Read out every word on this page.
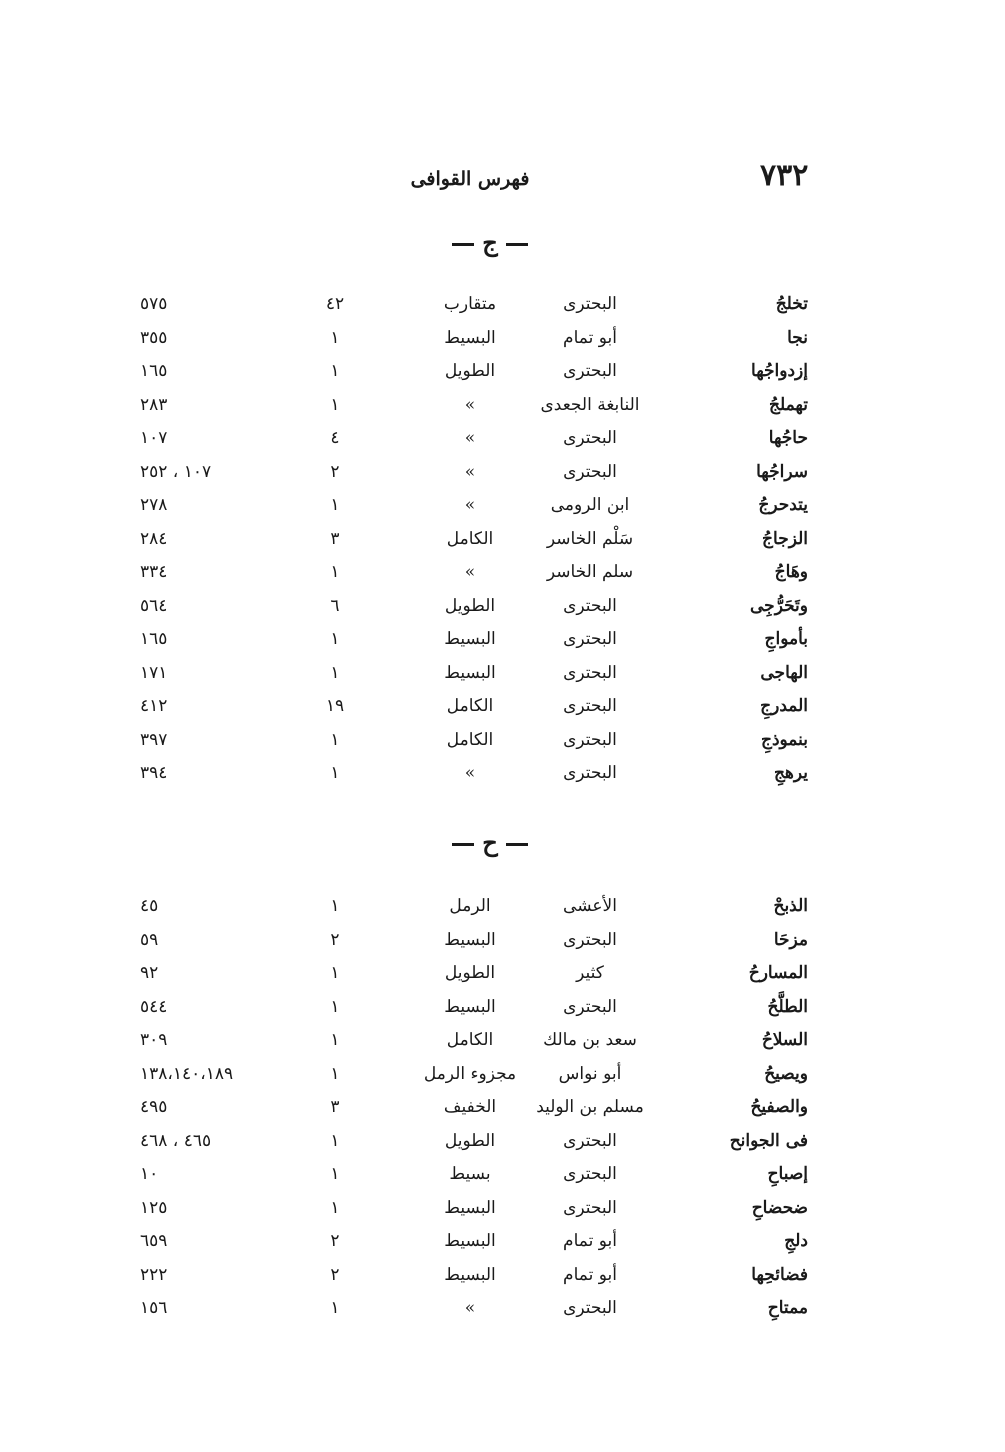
٧٣٢
فهرس القوافى
ج
تخلجُ
البحترى
متقارب
٤٢
٥٧٥
نجا
أبو تمام
البسيط
١
٣٥٥
إزدواجُها
البحترى
الطويل
١
١٦٥
تهملجُ
النابغة الجعدى
»
١
٢٨٣
حاجُها
البحترى
»
٤
١٠٧
سراجُها
البحترى
»
٢
١٠٧ ، ٢٥٢
يتدحرجُ
ابن الرومى
»
١
٢٧٨
الزجاجُ
سَلْم الخاسر
الكامل
٣
٢٨٤
وهَاجُ
سلم الخاسر
»
١
٣٣٤
وتَحَرُّجِى
البحترى
الطويل
٦
٥٦٤
بأمواجِ
البحترى
البسيط
١
١٦٥
الهاجى
البحترى
البسيط
١
١٧١
المدرجِ
البحترى
الكامل
١٩
٤١٢
بنموذجِ
البحترى
الكامل
١
٣٩٧
يرهجِ
البحترى
»
١
٣٩٤
ح
الذبحْ
الأعشى
الرمل
١
٤٥
مزحَا
البحترى
البسيط
٢
٥٩
المسارحُ
كثير
الطويل
١
٩٢
الطلَّحُ
البحترى
البسيط
١
٥٤٤
السلاحُ
سعد بن مالك
الكامل
١
٣٠٩
ويصيحُ
أبو نواس
مجزوء الرمل
١
١٣٨،١٤٠،١٨٩
والصفيحُ
مسلم بن الوليد
الخفيف
٣
٤٩٥
فى الجوانح
البحترى
الطويل
١
٤٦٥ ، ٤٦٨
إصباحِ
البحترى
بسيط
١
١٠
ضحضاحِ
البحترى
البسيط
١
١٢٥
دلجِ
أبو تمام
البسيط
٢
٦٥٩
فضائحِها
أبو تمام
البسيط
٢
٢٢٢
ممتاحِ
البحترى
»
١
١٥٦
